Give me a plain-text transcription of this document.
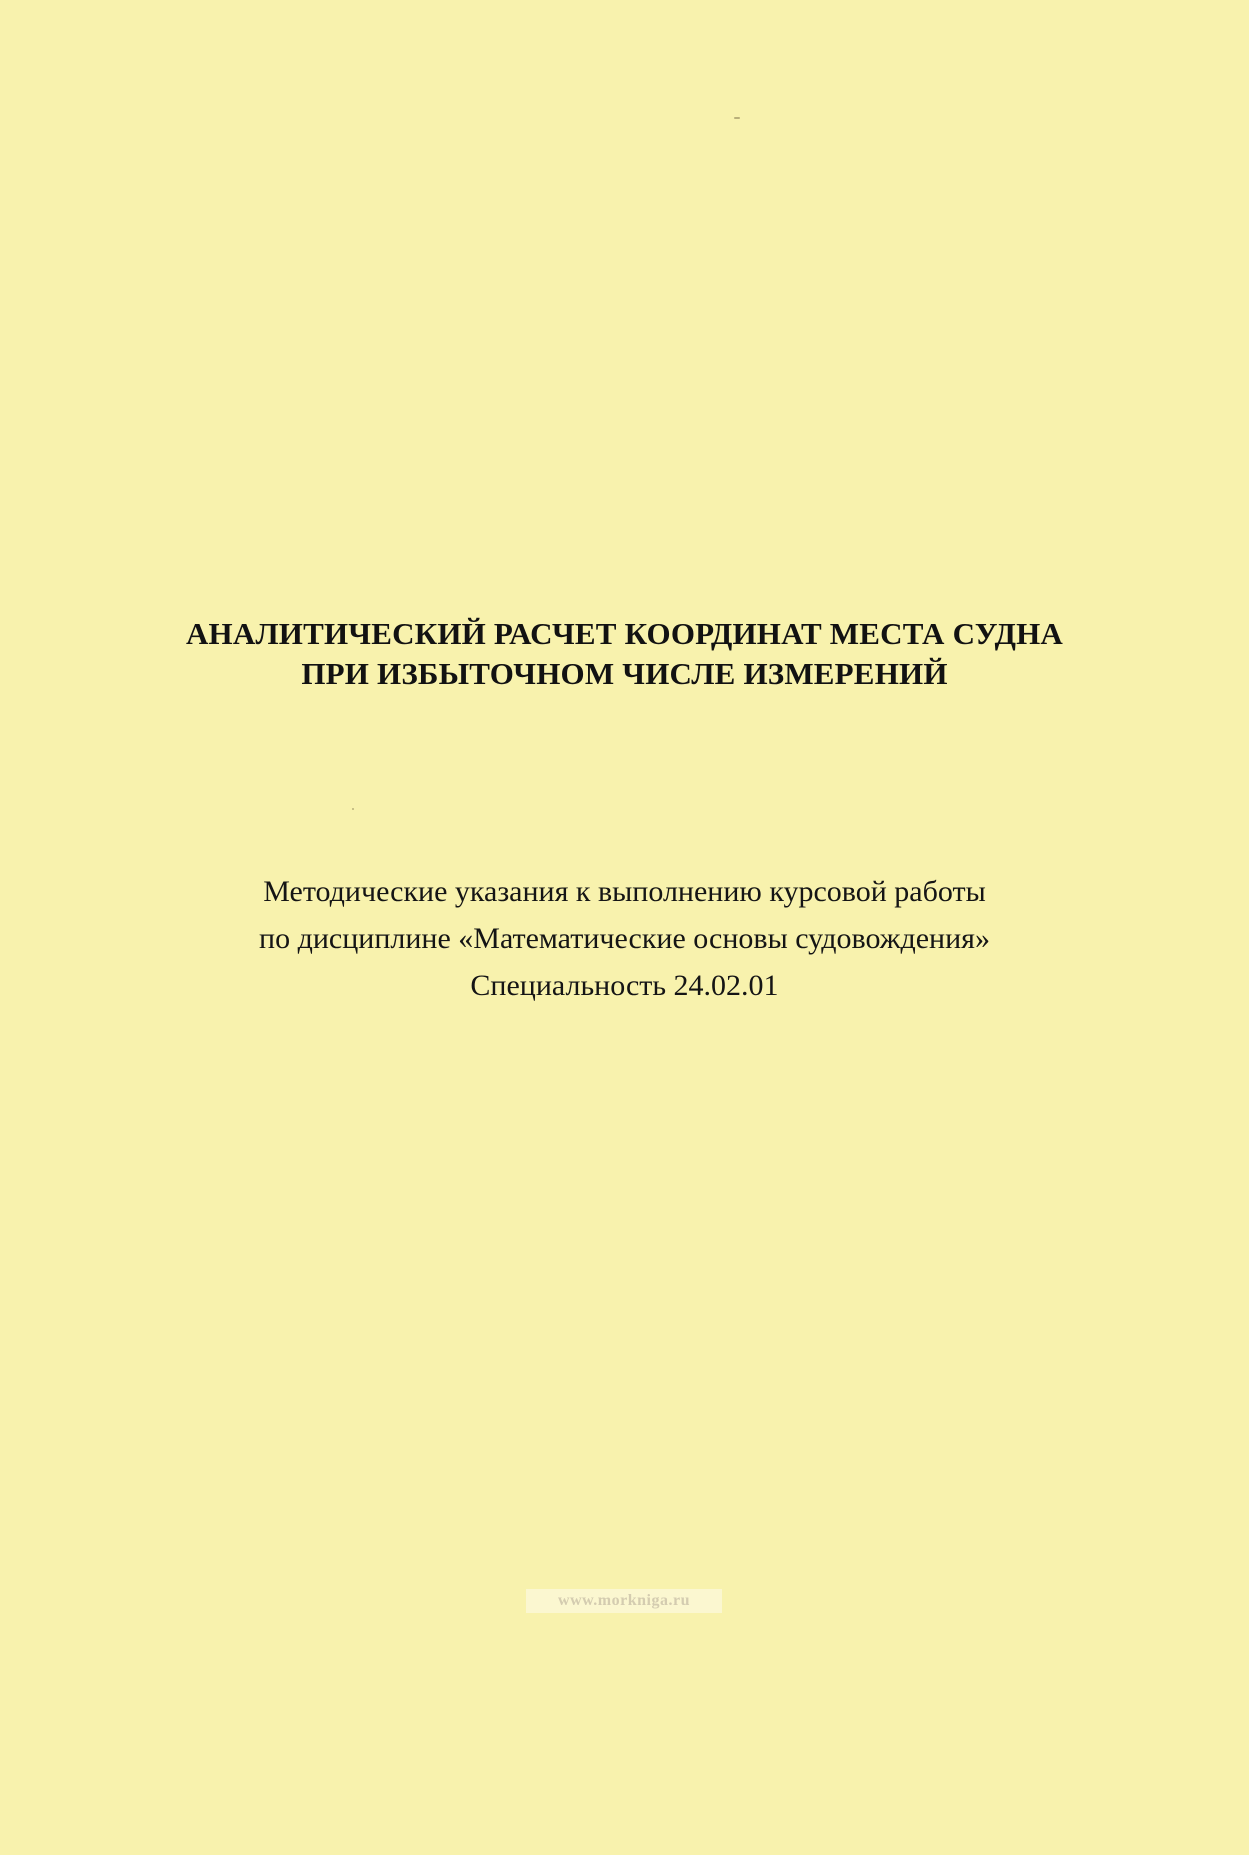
АНАЛИТИЧЕСКИЙ РАСЧЕТ КООРДИНАТ МЕСТА СУДНА
ПРИ ИЗБЫТОЧНОМ ЧИСЛЕ ИЗМЕРЕНИЙ
Методические указания к выполнению курсовой работы
по дисциплине «Математические основы судовождения»
Специальность 24.02.01
www.morkniga.ru
